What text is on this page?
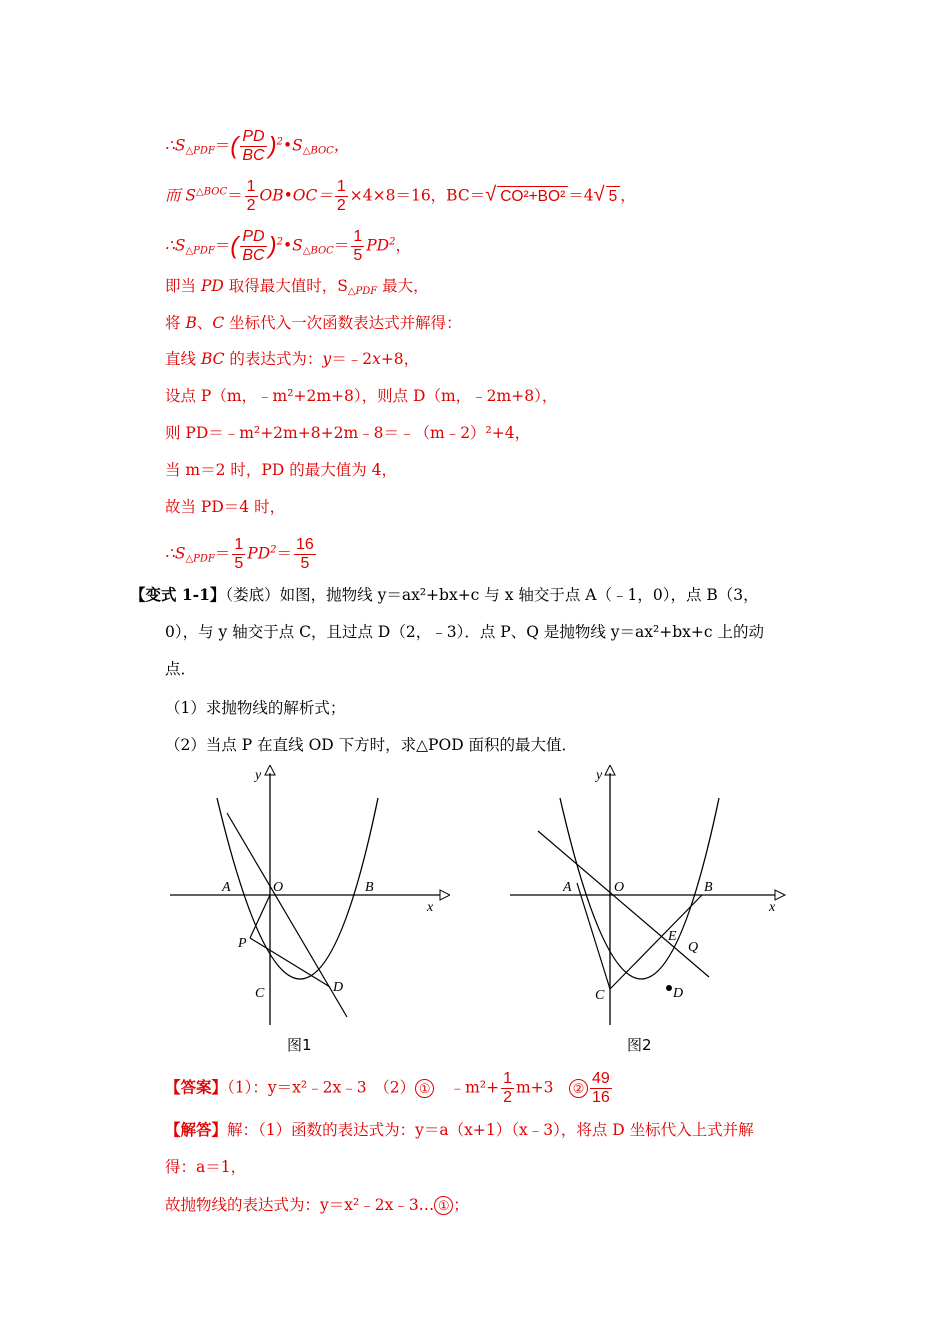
$\therefore S_{\triangle PDF}=( \frac{PD}{BC}$ )$^2•S_{\triangle BOC}$，
而 $S^{\triangle BOC}= \frac{1}{2}$ OB•OC＝ $\frac{1}{2} \times 4\times 8=16$，BC＝√ CO²+BO² ＝4√ 5 ，
$\therefore S_{\triangle PDF}=( \frac{PD}{BC}$ )$^2•S_{\triangle BOC}= \frac{1}{5} PD^2$，
即当 PD 取得最大值时，$S_{\triangle PDF}$ 最大，
将 B、C 坐标代入一次函数表达式并解得：
直线 BC 的表达式为：y＝﹣2x+8，
设点 P（m，﹣m²+2m+8），则点 D（m，﹣2m+8），
则 PD＝﹣m²+2m+8+2m﹣8＝﹣（m﹣2）²+4，
当 m＝2 时，PD 的最大值为 4，
故当 PD＝4 时，
$\therefore S_{\triangle PDF}= \frac{1}{5} PD^2= \frac{16}{5}$
【变式 1-1】（娄底）如图，抛物线 y＝ax²+bx+c 与 x 轴交于点 A（﹣1，0），点 B（3，
0），与 y 轴交于点 C，且过点 D（2，﹣3）．点 P、Q 是抛物线 y＝ax²+bx+c 上的动
点．
（1）求抛物线的解析式；
（2）当点 P 在直线 OD 下方时，求△POD 面积的最大值．
y
x
A	O	B
P
C	D
图1
y
x
A	O	B
E
Q
C	D
图2
【答案】（1）：y＝x²﹣2x﹣3　（2） ①　﹣m²+ $\frac{1}{2} m+3$　② $\frac{49}{16}$
【解答】解：（1）函数的表达式为：y＝a（x+1）（x﹣3），将点 D 坐标代入上式并解
得：a＝1，
故抛物线的表达式为：y＝x²﹣2x﹣3… ① ；
